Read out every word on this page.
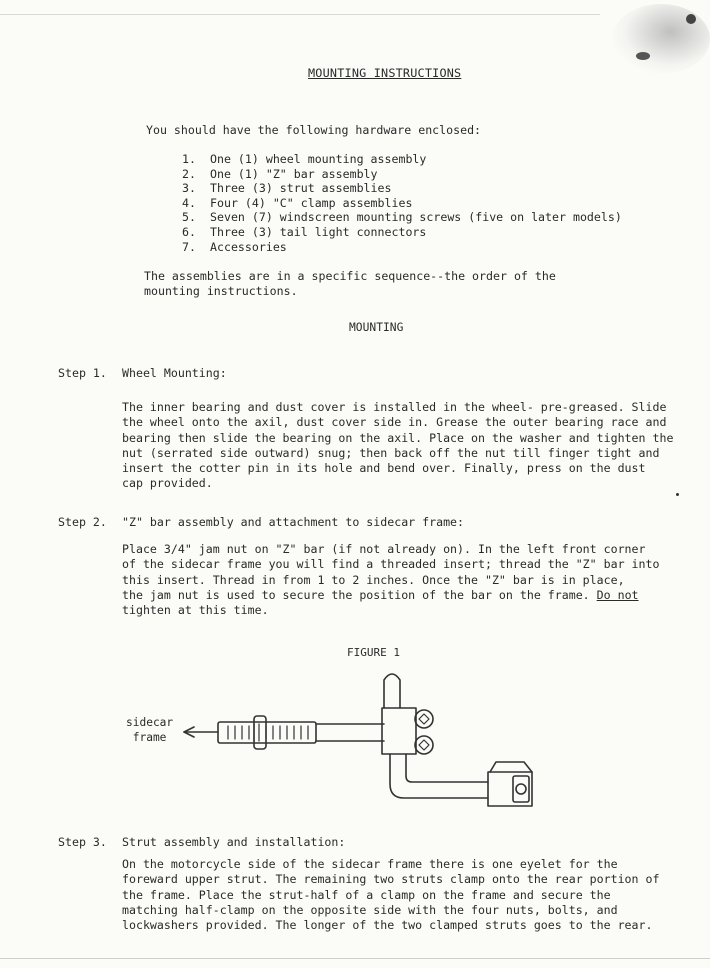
MOUNTING INSTRUCTIONS
You should have the following hardware enclosed:
1.	One (1) wheel mounting assembly
2.	One (1) "Z" bar assembly
3.	Three (3) strut assemblies
4.	Four (4) "C" clamp assemblies
5.	Seven (7) windscreen mounting screws (five on later models)
6.	Three (3) tail light connectors
7.	Accessories
The assemblies are in a specific sequence--the order of the
mounting instructions.
MOUNTING
Step 1. Wheel Mounting:
The inner bearing and dust cover is installed in the wheel- pre-greased. Slide
the wheel onto the axil, dust cover side in. Grease the outer bearing race and
bearing then slide the bearing on the axil. Place on the washer and tighten the
nut (serrated side outward) snug; then back off the nut till finger tight and
insert the cotter pin in its hole and bend over. Finally, press on the dust
cap provided.
Step 2. "Z" bar assembly and attachment to sidecar frame:
Place 3/4" jam nut on "Z" bar (if not already on). In the left front corner
of the sidecar frame you will find a threaded insert; thread the "Z" bar into
this insert. Thread in from 1 to 2 inches. Once the "Z" bar is in place,
the jam nut is used to secure the position of the bar on the frame. Do not
tighten at this time.
FIGURE 1
sidecar
frame
Step 3. Strut assembly and installation:
On the motorcycle side of the sidecar frame there is one eyelet for the
foreward upper strut. The remaining two struts clamp onto the rear portion of
the frame. Place the strut-half of a clamp on the frame and secure the
matching half-clamp on the opposite side with the four nuts, bolts, and
lockwashers provided. The longer of the two clamped struts goes to the rear.
